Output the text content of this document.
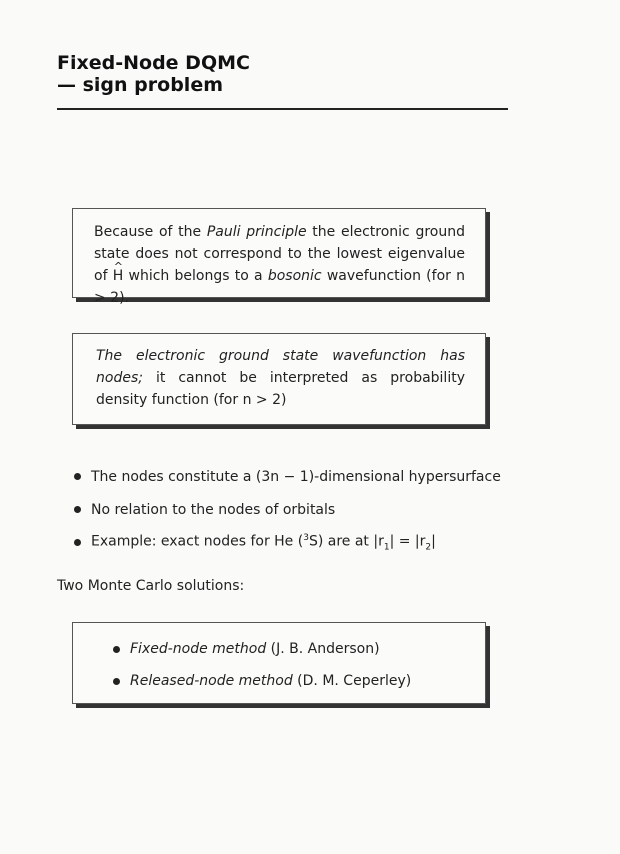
Fixed-Node DQMC
— sign problem

Because of the Pauli principle the electronic ground state does not correspond to the lowest eigenvalue of ^ H which belongs to a bosonic wavefunction (for n > 2).

The electronic ground state wavefunction has nodes; it cannot be interpreted as probability density function (for n > 2)

The nodes constitute a (3n − 1)-dimensional hypersurface
No relation to the nodes of orbitals
Example: exact nodes for He ($^3$S) are at $|r_1| = |r_2|$
Two Monte Carlo solutions:
Fixed-node method (J. B. Anderson)
Released-node method (D. M. Ceperley)
